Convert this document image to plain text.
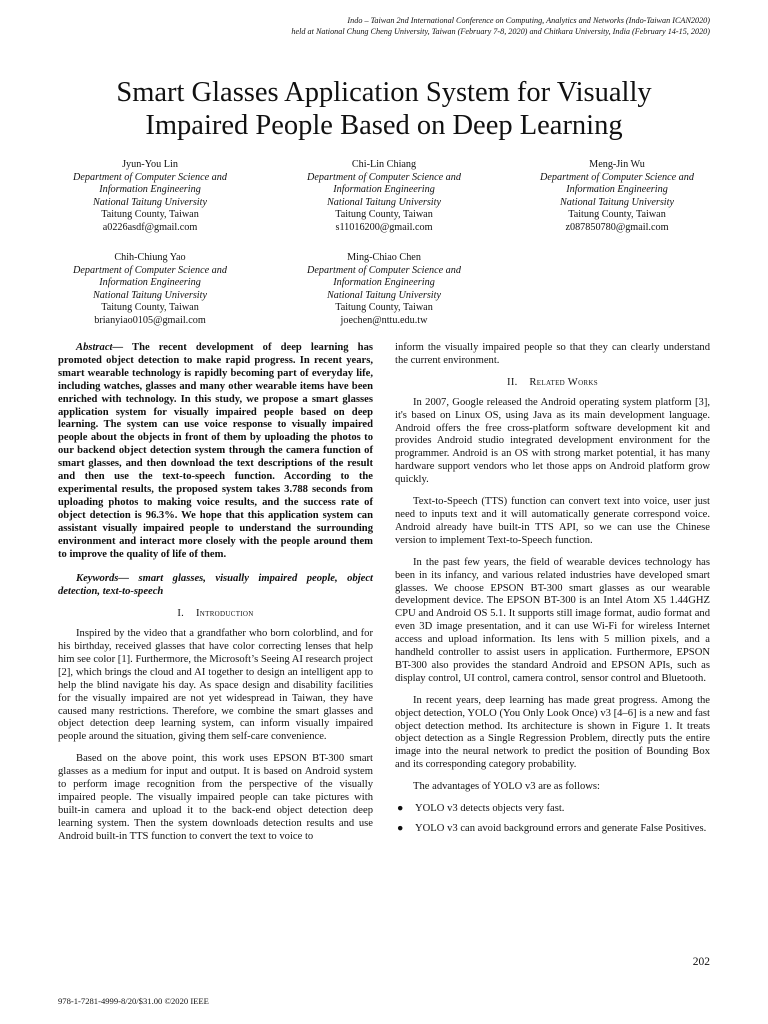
Indo – Taiwan 2nd International Conference on Computing, Analytics and Networks (Indo-Taiwan ICAN2020)
held at National Chung Cheng University, Taiwan (February 7-8, 2020) and Chitkara University, India (February 14-15, 2020)
Smart Glasses Application System for Visually
Impaired People Based on Deep Learning
Jyun-You Lin
Department of Computer Science and
Information Engineering
National Taitung University
Taitung County, Taiwan
a0226asdf@gmail.com
Chi-Lin Chiang
Department of Computer Science and
Information Engineering
National Taitung University
Taitung County, Taiwan
s11016200@gmail.com
Meng-Jin Wu
Department of Computer Science and
Information Engineering
National Taitung University
Taitung County, Taiwan
z087850780@gmail.com
Chih-Chiung Yao
Department of Computer Science and
Information Engineering
National Taitung University
Taitung County, Taiwan
brianyiao0105@gmail.com
Ming-Chiao Chen
Department of Computer Science and
Information Engineering
National Taitung University
Taitung County, Taiwan
joechen@nttu.edu.tw

Abstract— The recent development of deep learning has promoted object detection to make rapid progress. In recent years, smart wearable technology is rapidly becoming part of everyday life, including watches, glasses and many other wearable items have been enriched with technology. In this study, we propose a smart glasses application system for visually impaired people based on deep learning. The system can use voice response to visually impaired people about the objects in front of them by uploading the photos to our backend object detection system through the camera function of smart glasses, and then download the text descriptions of the result and then use the text-to-speech function. According to the experimental results, the proposed system takes 3.788 seconds from uploading photos to making voice results, and the success rate of object detection is 96.3%. We hope that this application system can assistant visually impaired people to understand the surrounding environment and interact more closely with the people around them to improve the quality of life of them.

Keywords— smart glasses, visually impaired people, object detection, text-to-speech

I. Introduction

Inspired by the video that a grandfather who born colorblind, and for his birthday, received glasses that have color correcting lenses that help him see color [1]. Furthermore, the Microsoft’s Seeing AI research project [2], which brings the cloud and AI together to design an intelligent app to help the blind navigate his day. As space design and disability facilities for the visually impaired are not yet widespread in Taiwan, they have caused many restrictions. Therefore, we combine the smart glasses and object detection deep learning system, can inform visually impaired people around the situation, giving them self-care convenience.

Based on the above point, this work uses EPSON BT-300 smart glasses as a medium for input and output. It is based on Android system to perform image recognition from the perspective of the visually impaired people. The visually impaired people can take pictures with built-in camera and upload it to the back-end object detection deep learning system. Then the system downloads detection results and use Android built-in TTS function to convert the text to voice to

inform the visually impaired people so that they can clearly understand the current environment.

II. Related Works

In 2007, Google released the Android operating system platform [3], it's based on Linux OS, using Java as its main development language. Android offers the free cross-platform software development kit and provides Android studio integrated development environment for the programmer. Android is an OS with strong market potential, it has many hardware support vendors who let those apps on Android platform grow quickly.

Text-to-Speech (TTS) function can convert text into voice, user just need to inputs text and it will automatically generate correspond voice. Android already have built-in TTS API, so we can use the Chinese version to implement Text-to-Speech function.

In the past few years, the field of wearable devices technology has been in its infancy, and various related industries have developed smart glasses. We choose EPSON BT-300 smart glasses as our wearable development device. The EPSON BT-300 is an Intel Atom X5 1.44GHZ CPU and Android OS 5.1. It supports still image format, audio format and even 3D image presentation, and it can use Wi-Fi for wireless Internet access and upload information. Its lens with 5 million pixels, and a handheld controller to assist users in application. Furthermore, EPSON BT-300 also provides the standard Android and EPSON APIs, such as display control, UI control, camera control, sensor control and Bluetooth.

In recent years, deep learning has made great progress. Among the object detection, YOLO (You Only Look Once) v3 [4–6] is a new and fast object detection method. Its architecture is shown in Figure 1. It treats object detection as a Single Regression Problem, directly puts the entire image into the neural network to predict the position of Bounding Box and its corresponding category probability.

The advantages of YOLO v3 are as follows:

● YOLO v3 detects objects very fast.
● YOLO v3 can avoid background errors and generate False Positives.
202
978-1-7281-4999-8/20/$31.00 ©2020 IEEE
